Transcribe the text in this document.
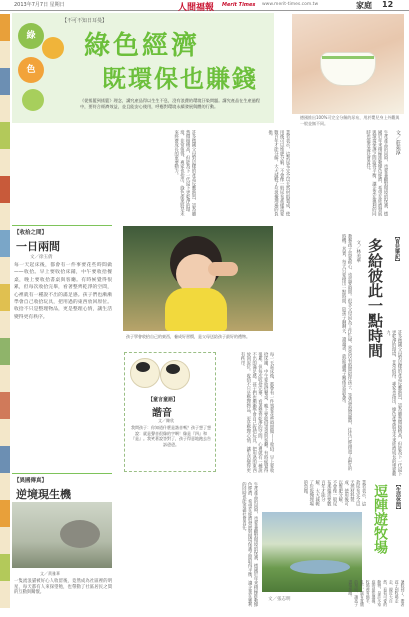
2013年7月7日 星期日	人間福報 Merit Times www.merit-times.com.tw	家庭 12
【不可不知日耳曼】
綠
色
綠色經濟
既環保也賺錢
《從搖籃到搖籃》理念，講究產品得以生生不息，沒有浪費的環境汙染問題。講究產品在生產過程中，要符合經濟效益，並且能安心使用，呼應對環境永續發展與體的行動。
德國推出100%可完全分解的尿布，用於嬰兒身上外觀與一般並無不同。
文／莊苑淳
生產產品的同時，也要兼顧對環境的保護，德國近年來積極推動綠色經濟，希望在經濟發展與環境保護之間取得平衡，讓企業在獲利的同時也能善盡社會責任。
業者表示，這款尿布完全以天然材料製成，使用後可以堆肥分解，不會像一般尿布那樣需要數百年才能分解，大大減輕了垃圾掩埋場的負擔。
許多德國父母對這樣的產品反應熱烈，認為雖然價格稍高，但能為下一代留下更乾淨的環境，非常值得。專家也指出，綠色產業將是未來經濟成長的重要動力。
【收拾之間】
一日兩間
文／徐玉倩
每一天起床後，都會有一件事要花些時間做——收拾。早上要收拾床鋪，中午要收拾餐桌，晚上要收拾書桌與客廳。有時候覺得很累，但每次收拾完畢，看著整齊乾淨的空間，心裡就有一種說不出的滿足感。孩子們也漸漸學會自己收拾玩具，把用過的東西放回原位。收拾不只是整理物品，更是整理心情，讓生活變得更有秩序。
孩子學會收拾自己的東西，養成好習慣，是父母送給孩子最好的禮物。
【育兒筆記】
多給彼此一點時間
文／林美華
教養孩子需要耐心，也需要時間。很多父母因為工作忙碌，常常沒有時間陪伴孩子，等到發現問題時，往往已經錯過了最好的時機。其實，每天只要撥出一點時間，陪孩子聊聊天、讀讀書，就能讓親子關係更加緊密。	許多德國父母對這樣的產品反應熱烈，認為雖然價格稍高，但能為下一代留下更乾淨的環境，非常值得。專家也指出，綠色產業將是未來經濟成長的重要動力。
【童言童語】
諧音
文／陳欣
我問孩子：你知道什麼是諧音嗎？孩子想了想說：就是聲音很像的字啊！像是『四』和『是』。我笑著說答對了，孩子得意地跑去告訴爸爸。	每一天起床後，都會有一件事要花些時間做——收拾。早上要收拾床鋪，中午要收拾餐桌，晚上要收拾書桌與客廳。有時候覺得很累，但每次收拾完畢，看著整齊乾淨的空間，心裡就有一種說不出的滿足感。孩子們也漸漸學會自己收拾玩具，把用過的東西放回原位。收拾不只是整理物品，更是整理心情，讓生活變得更有秩序。
【異國傳真】
逆境現生機
文／黃雅華
一隻流浪貓被好心人收留後，竟然成為社區裡的明星，每天都有人來探望牠，也帶動了社區居民之間的互動與關懷。	生產產品的同時，也要兼顧對環境的保護，德國近年來積極推動綠色經濟，希望在經濟發展與環境保護之間取得平衡，讓企業在獲利的同時也能善盡社會責任。	業者表示，這款尿布完全以天然材料製成，使用後可以堆肥分解，不會像一般尿布那樣需要數百年才能分解，大大減輕了垃圾掩埋場的負擔。	【生活休閒】
逗陣遊牧場
文／張志明	暑假到了，帶著孩子到牧場走走，親近大自然，看看可愛的動物，是許多家庭的最佳選擇。牧場裡有綿羊、乳牛，還有寬闊的草原，讓孩子盡情奔跑。
